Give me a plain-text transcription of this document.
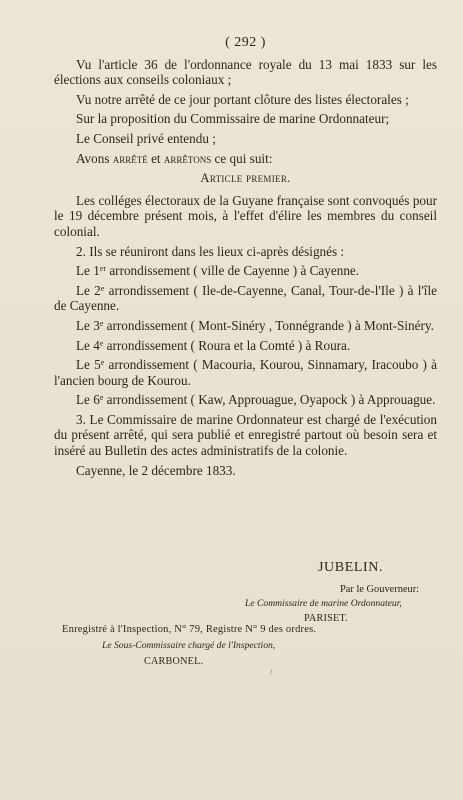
( 292 )

Vu l'article 36 de l'ordonnance royale du 13 mai 1833 sur les élections aux conseils coloniaux ;

Vu notre arrêté de ce jour portant clôture des listes électorales ;

Sur la proposition du Commissaire de marine Ordonnateur;

Le Conseil privé entendu ;

Avons arrêté et arrêtons ce qui suit:

Article premier.

Les colléges électoraux de la Guyane française sont convoqués pour le 19 décembre présent mois, à l'effet d'élire les membres du conseil colonial.

2. Ils se réuniront dans les lieux ci-après désignés :

Le 1er arrondissement ( ville de Cayenne ) à Cayenne.

Le 2e arrondissement ( Ile-de-Cayenne, Canal, Tour-de-l'Ile ) à l'île de Cayenne.

Le 3e arrondissement ( Mont-Sinéry , Tonnégrande ) à Mont-Sinéry.

Le 4e arrondissement ( Roura et la Comté ) à Roura.

Le 5e arrondissement ( Macouria, Kourou, Sinnamary, Iracoubo ) à l'ancien bourg de Kourou.

Le 6e arrondissement ( Kaw, Approuague, Oyapock ) à Approuague.

3. Le Commissaire de marine Ordonnateur est chargé de l'exécution du présent arrêté, qui sera publié et enregistré partout où besoin sera et inséré au Bulletin des actes administratifs de la colonie.

Cayenne, le 2 décembre 1833.

JUBELIN.
Par le Gouverneur:
Le Commissaire de marine Ordonnateur,
PARISET.
Enregistré à l'Inspection, N° 79, Registre N° 9 des ordres.
Le Sous-Commissaire chargé de l'Inspection,
CARBONEL.
/
